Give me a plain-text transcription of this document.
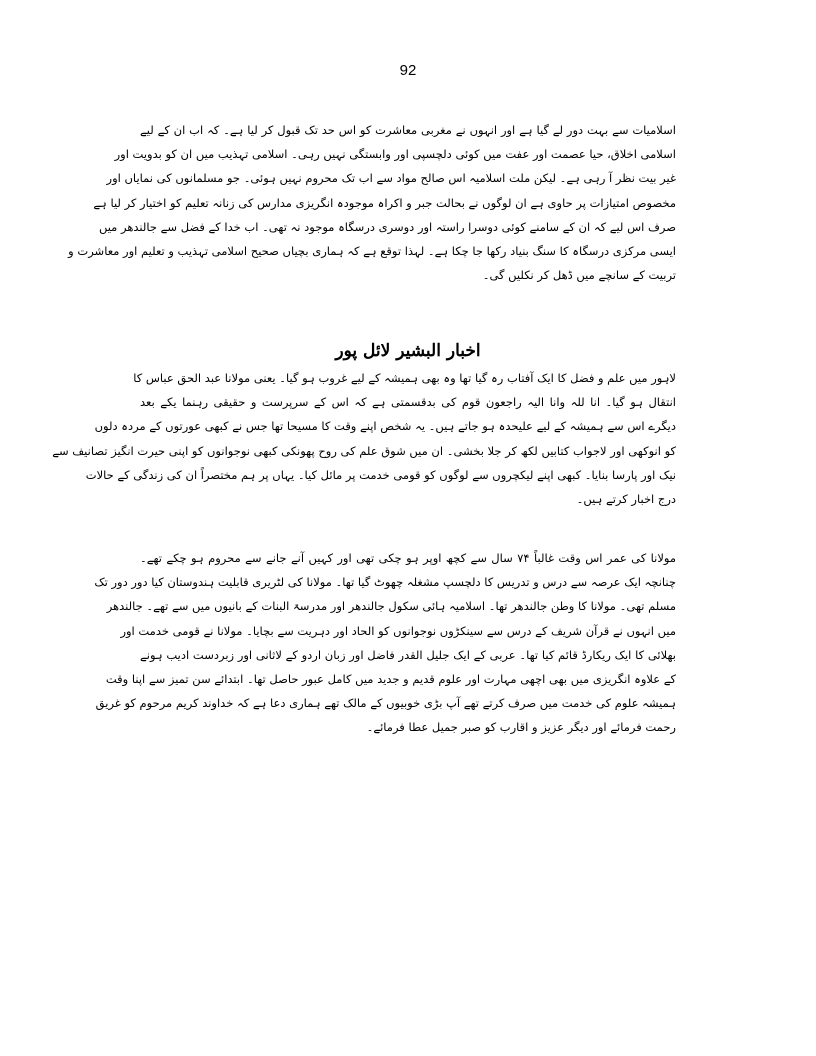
92
اسلامیات سے بہت دور لے گیا ہے اور انہوں نے مغربی معاشرت کو اس حد تک قبول کر لیا ہے۔ کہ اب ان کے لیے
اسلامی اخلاق، حیا عصمت اور عفت میں کوئی دلچسپی اور وابستگی نہیں رہی۔ اسلامی تہذیب میں ان کو بدویت اور
غیر بیت نظر آ رہی ہے۔ لیکن ملت اسلامیہ اس صالح مواد سے اب تک محروم نہیں ہوئی۔ جو مسلمانوں کی نمایاں اور
مخصوص امتیازات پر حاوی ہے ان لوگوں نے بحالت جبر و اکراہ موجودہ انگریزی مدارس کی زنانہ تعلیم کو اختیار کر لیا ہے
صرف اس لیے کہ ان کے سامنے کوئی دوسرا راستہ اور دوسری درسگاہ موجود نہ تھی۔ اب خدا کے فضل سے جالندھر میں
ایسی مرکزی درسگاہ کا سنگ بنیاد رکھا جا چکا ہے۔ لہذا توقع ہے کہ ہماری بچیاں صحیح اسلامی تہذیب و تعلیم اور معاشرت و
تربیت کے سانچے میں ڈھل کر نکلیں گی۔
اخبار البشیر لائل پور
لاہور میں علم و فضل کا ایک آفتاب رہ گیا تھا وہ بھی ہمیشہ کے لیے غروب ہو گیا۔ یعنی مولانا عبد الحق عباس کا
انتقال ہو گیا۔ انا للہ وانا الیہ راجعون قوم کی بدقسمتی ہے کہ اس کے سرپرست و حقیقی رہنما یکے بعد
دیگرے اس سے ہمیشہ کے لیے علیحدہ ہو جاتے ہیں۔ یہ شخص اپنے وقت کا مسیحا تھا جس نے کبھی عورتوں کے مردہ دلوں
کو انوکھی اور لاجواب کتابیں لکھ کر جلا بخشی۔ ان میں شوق علم کی روح پھونکی کبھی نوجوانوں کو اپنی حیرت انگیز تصانیف سے
نیک اور پارسا بنایا۔ کبھی اپنے لیکچروں سے لوگوں کو قومی خدمت پر مائل کیا۔ یہاں پر ہم مختصراً ان کی زندگی کے حالات
درج اخبار کرتے ہیں۔
مولانا کی عمر اس وقت غالباً ۷۴ سال سے کچھ اوپر ہو چکی تھی اور کہیں آنے جانے سے محروم ہو چکے تھے۔
چنانچہ ایک عرصہ سے درس و تدریس کا دلچسپ مشغلہ چھوٹ گیا تھا۔ مولانا کی لٹریری قابلیت ہندوستان کیا دور دور تک
مسلم تھی۔ مولانا کا وطن جالندھر تھا۔ اسلامیہ ہائی سکول جالندھر اور مدرسۃ البنات کے بانیوں میں سے تھے۔ جالندھر
میں انہوں نے قرآن شریف کے درس سے سینکڑوں نوجوانوں کو الحاد اور دہریت سے بچایا۔ مولانا نے قومی خدمت اور
بھلائی کا ایک ریکارڈ قائم کیا تھا۔ عربی کے ایک جلیل القدر فاضل اور زبان اردو کے لاثانی اور زبردست ادیب ہونے
کے علاوہ انگریزی میں بھی اچھی مہارت اور علوم قدیم و جدید میں کامل عبور حاصل تھا۔ ابتدائے سن تمیز سے اپنا وقت
ہمیشہ علوم کی خدمت میں صرف کرتے تھے آپ بڑی خوبیوں کے مالک تھے ہماری دعا ہے کہ خداوند کریم مرحوم کو غریق
رحمت فرمائے اور دیگر عزیز و اقارب کو صبر جمیل عطا فرمائے۔
